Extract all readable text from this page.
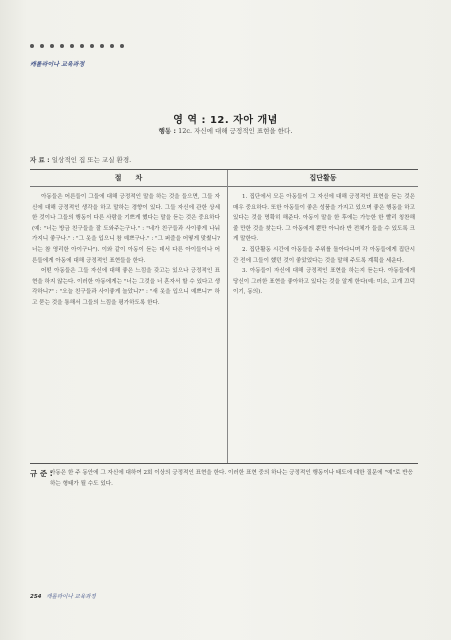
캐롤라이나 교육과정
영 역 : 12. 자아 개념
행동 : 12c. 자신에 대해 긍정적인 표현을 한다.
자 료 : 일상적인 집 또는 교실 환경.
절　　차	집단활동

아동들은 어른들이 그들에 대해 긍정적인 말을 하는 것을 들으면, 그들 자신에 대해 긍정적인 생각을 하고 말하는 경향이 있다. 그들 자신에 관한 상세한 것이나 그들의 행동이 다른 사람을 기쁘게 했다는 말을 듣는 것은 중요하다(예: "너는 방금 친구들을 잘 도와주는구나." : "네가 친구들과 사이좋게 나눠 가지니 좋구나." : "그 옷을 입으니 참 예쁘구나." : "그 퍼즐을 어떻게 맞췄니? 너는 참 영리한 아이구나"). 이와 같이 아동이 듣는 데서 다른 아이들이나 어른들에게 아동에 대해 긍정적인 표현들을 한다.

어떤 아동들은 그들 자신에 대해 좋은 느낌을 갖고는 있으나 긍정적인 표현을 하지 않는다. 이러한 아동에게는 "너는 그것을 너 혼자서 할 수 있다고 생각하니?" : "오늘 친구들과 사이좋게 놀았니?" : "새 옷을 입으니 예쁘니?" 하고 묻는 것을 통해서 그들의 느낌을 평가하도록 한다.

1. 집단에서 모든 아동들이 그 자신에 대해 긍정적인 표현을 듣는 것은 매우 중요하다. 또한 아동들이 좋은 성품을 가지고 있으며 좋은 행동을 하고 있다는 것을 명확히 해준다. 아동이 말을 한 후에는 가능한 한 빨리 칭찬해 줄 만한 것을 찾는다. 그 아동에게 뿐만 아니라 반 전체가 들을 수 있도록 크게 말한다.

2. 집단활동 시간에 아동들을 주위를 돌아다니며 각 아동들에게 집단시간 전에 그들이 했던 것이 좋았었다는 것을 말해 주도록 계획을 세운다.

3. 아동들이 자신에 대해 긍정적인 표현을 하는지 듣는다. 아동들에게 당신이 그러한 표현을 좋아하고 있다는 것을 알게 한다(예: 미소, 고개 끄덕이기, 동의).

규 준 :
아동은 한 주 동안에 그 자신에 대하여 2회 이상의 긍정적인 표현을 한다. 이러한 표현 중의 하나는 긍정적인 행동이나 태도에 대한 질문에 "예"로 반응하는 형태가 될 수도 있다.
254 캐롤라이나 교육과정
